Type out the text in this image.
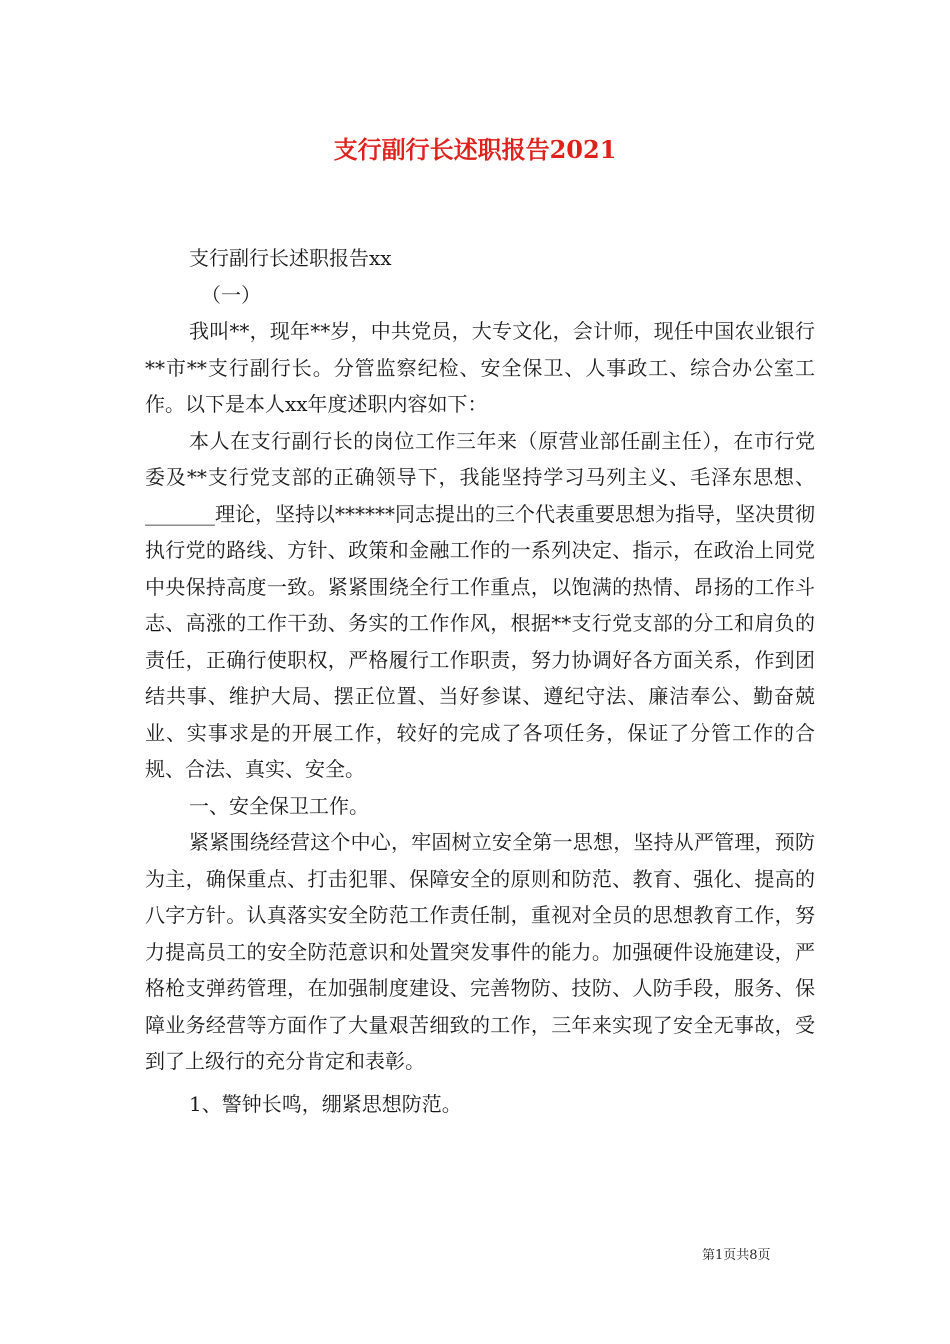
支行副行长述职报告2021

支行副行长述职报告xx

（一）

我叫**，现年**岁，中共党员，大专文化，会计师，现任中国农业银行**市**支行副行长。分管监察纪检、安全保卫、人事政工、综合办公室工作。以下是本人xx年度述职内容如下：

本人在支行副行长的岗位工作三年来（原营业部任副主任），在市行党委及**支行党支部的正确领导下，我能坚持学习马列主义、毛泽东思想、_______理论，坚持以******同志提出的三个代表重要思想为指导，坚决贯彻执行党的路线、方针、政策和金融工作的一系列决定、指示，在政治上同党中央保持高度一致。紧紧围绕全行工作重点，以饱满的热情、昂扬的工作斗志、高涨的工作干劲、务实的工作作风，根据**支行党支部的分工和肩负的责任，正确行使职权，严格履行工作职责，努力协调好各方面关系，作到团结共事、维护大局、摆正位置、当好参谋、遵纪守法、廉洁奉公、勤奋兢业、实事求是的开展工作，较好的完成了各项任务，保证了分管工作的合规、合法、真实、安全。

一、安全保卫工作。

紧紧围绕经营这个中心，牢固树立安全第一思想，坚持从严管理，预防为主，确保重点、打击犯罪、保障安全的原则和防范、教育、强化、提高的八字方针。认真落实安全防范工作责任制，重视对全员的思想教育工作，努力提高员工的安全防范意识和处置突发事件的能力。加强硬件设施建设，严格枪支弹药管理，在加强制度建设、完善物防、技防、人防手段，服务、保障业务经营等方面作了大量艰苦细致的工作，三年来实现了安全无事故，受到了上级行的充分肯定和表彰。

1、警钟长鸣，绷紧思想防范。

第1页共8页
